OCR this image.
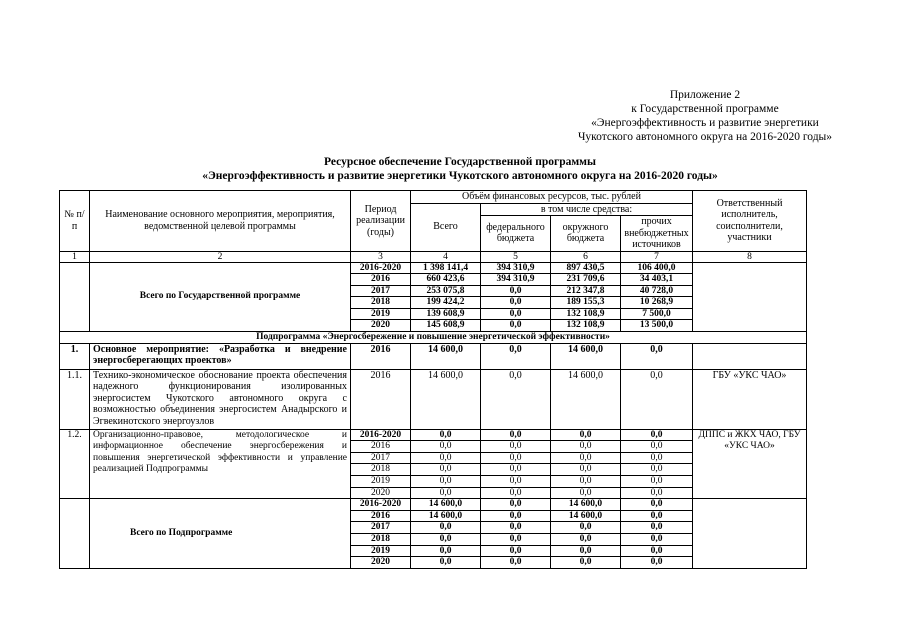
Приложение 2
к Государственной программе
«Энергоэффективность и развитие энергетики
Чукотского автономного округа на 2016-2020 годы»
Ресурсное обеспечение Государственной программы
«Энергоэффективность и развитие энергетики Чукотского автономного округа на 2016-2020 годы»
№ п/п	Наименование основного мероприятия, мероприятия, ведомственной целевой программы	Период реализации (годы)	Объём финансовых ресурсов, тыс. рублей				Ответственный исполнитель, соисполнители, участники
			Всего	в том числе средства:			
				федерального бюджета	окружного бюджета	прочих внебюджетных источников	
1	2	3	4	5	6	7	8
	Всего по Государственной программе	2016-2020	1 398 141,4	394 310,9	897 430,5	106 400,0	
		2016	660 423,6	394 310,9	231 709,6	34 403,1	
		2017	253 075,8	0,0	212 347,8	40 728,0	
		2018	199 424,2	0,0	189 155,3	10 268,9	
		2019	139 608,9	0,0	132 108,9	7 500,0	
		2020	145 608,9	0,0	132 108,9	13 500,0	
Подпрограмма «Энергосбережение и повышение энергетической эффективности»							
1.	Основное мероприятие: «Разработка и внедрение энергосберегающих проектов»	2016	14 600,0	0,0	14 600,0	0,0	
1.1.	Технико-экономическое обоснование проекта обеспечения надежного функционирования изолированных энергосистем Чукотского автономного округа с возможностью объединения энергосистем Анадырского и Эгвекинотского энергоузлов	2016	14 600,0	0,0	14 600,0	0,0	ГБУ «УКС ЧАО»
1.2.	Организационно-правовое, методологическое и информационное обеспечение энергосбережения и повышения энергетической эффективности и управление реализацией Подпрограммы	2016-2020	0,0	0,0	0,0	0,0	ДППС и ЖКХ ЧАО, ГБУ «УКС ЧАО»
		2016	0,0	0,0	0,0	0,0	
		2017	0,0	0,0	0,0	0,0	
		2018	0,0	0,0	0,0	0,0	
		2019	0,0	0,0	0,0	0,0	
		2020	0,0	0,0	0,0	0,0	
	Всего по Подпрограмме	2016-2020	14 600,0	0,0	14 600,0	0,0	
		2016	14 600,0	0,0	14 600,0	0,0	
		2017	0,0	0,0	0,0	0,0	
		2018	0,0	0,0	0,0	0,0	
		2019	0,0	0,0	0,0	0,0	
		2020	0,0	0,0	0,0	0,0	
